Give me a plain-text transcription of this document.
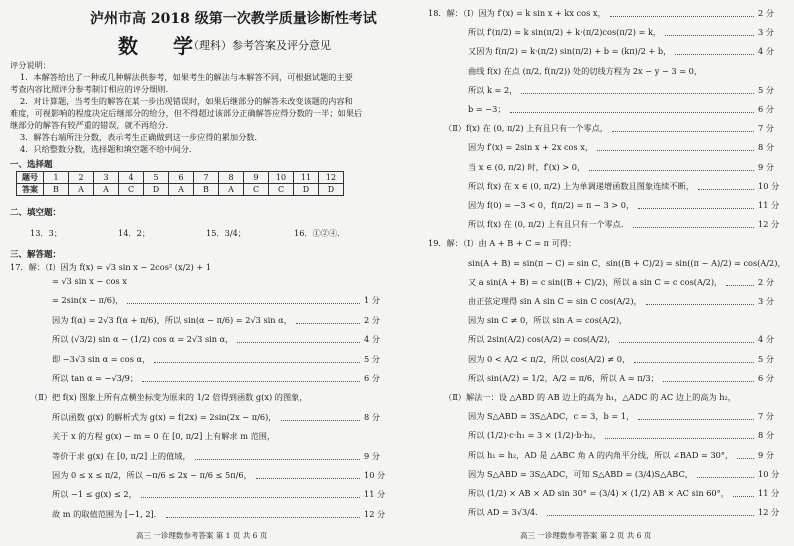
泸州市高 2018 级第一次教学质量诊断性考试
数 学
（理科）参考答案及评分意见
评分说明：
1．本解答给出了一种或几种解法供参考，如果考生的解法与本解答不同，可根据试题的主要
考查内容比照评分参考制订相应的评分细则．
2．对计算题，当考生的解答在某一步出现错误时，如果后继部分的解答未改变该题的内容和
难度，可视影响的程度决定后继部分的给分，但不得超过该部分正确解答应得分数的一半；如果后
继部分的解答有较严重的错误，就不再给分．
3．解答右端所注分数，表示考生正确做到这一步应得的累加分数．
4．只给整数分数，选择题和填空题不给中间分．
一、选择题
题号	1	2	3	4	5	6	7	8	9	10	11	12
答案	B	A	A	C	D	A	B	A	C	C	D	D
二、填空题：
13．3；	14．2；	15．3/4；	16．①②④．
三、解答题：
17．解：（Ⅰ）因为 f(x) = √3 sin x − 2cos² (x/2) + 1
高三 一诊理数参考答案 第 1 页 共 6 页
= √3 sin x − cos x
1 分
= 2sin(x − π/6)，
2 分
因为 f(α) = 2√3 f(α + π/6)，所以 sin(α − π/6) = 2√3 sin α，
4 分
所以 (√3/2) sin α − (1/2) cos α = 2√3 sin α，
5 分
即 −3√3 sin α = cos α，
6 分
所以 tan α = −√3/9；
（Ⅱ）把 f(x) 图象上所有点横坐标变为原来的 1/2 倍得到函数 g(x) 的图象，
8 分
所以函数 g(x) 的解析式为 g(x) = f(2x) = 2sin(2x − π/6)，
关于 x 的方程 g(x) − m = 0 在 [0, π/2] 上有解求 m 范围，
9 分
等价于求 g(x) 在 [0, π/2] 上的值域，
10 分
因为 0 ≤ x ≤ π/2，所以 −π/6 ≤ 2x − π/6 ≤ 5π/6，
11 分
所以 −1 ≤ g(x) ≤ 2，
12 分
故 m 的取值范围为 [−1, 2]．
高三 一诊理数参考答案 第 2 页 共 6 页
2 分
18．解：（Ⅰ）因为 f′(x) = k sin x + kx cos x，
3 分
所以 f′(π/2) = k sin(π/2) + k·(π/2)cos(π/2) = k，
4 分
又因为 f(π/2) = k·(π/2) sin(π/2) + b = (kπ)/2 + b，
曲线 f(x) 在点 (π/2, f(π/2)) 处的切线方程为 2x − y − 3 = 0，
5 分
所以 k = 2，
6 分
b = −3；
7 分
（Ⅱ）f(x) 在 (0, π/2) 上有且只有一个零点，
8 分
因为 f′(x) = 2sin x + 2x cos x，
9 分
当 x ∈ (0, π/2) 时，f′(x) > 0，
10 分
所以 f(x) 在 x ∈ (0, π/2) 上为单调递增函数且图象连续不断，
11 分
因为 f(0) = −3 < 0，f(π/2) = π − 3 > 0，
12 分
所以 f(x) 在 (0, π/2) 上有且只有一个零点．
19．解：（Ⅰ）由 A + B + C = π 可得：
sin(A + B) = sin(π − C) = sin C，sin((B + C)/2) = sin((π − A)/2) = cos(A/2)，
2 分
又 a sin(A + B) = c sin((B + C)/2)，所以 a sin C = c cos(A/2)，
3 分
由正弦定理得 sin A sin C = sin C cos(A/2)，
因为 sin C ≠ 0，所以 sin A = cos(A/2)，
4 分
所以 2sin(A/2) cos(A/2) = cos(A/2)，
5 分
因为 0 < A/2 < π/2，所以 cos(A/2) ≠ 0，
6 分
所以 sin(A/2) = 1/2，A/2 = π/6，所以 A = π/3；
（Ⅱ）解法一：设 △ABD 的 AB 边上的高为 h₁，△ADC 的 AC 边上的高为 h₂，
7 分
因为 S△ABD = 3S△ADC，c = 3，b = 1，
8 分
所以 (1/2)·c·h₁ = 3 × (1/2)·b·h₂，
9 分
所以 h₁ = h₂，AD 是 △ABC 角 A 的内角平分线，所以 ∠BAD = 30°，
10 分
因为 S△ABD = 3S△ADC，可知 S△ABD = (3/4)S△ABC，
11 分
所以 (1/2) × AB × AD sin 30° = (3/4) × (1/2) AB × AC sin 60°，
12 分
所以 AD = 3√3/4．
